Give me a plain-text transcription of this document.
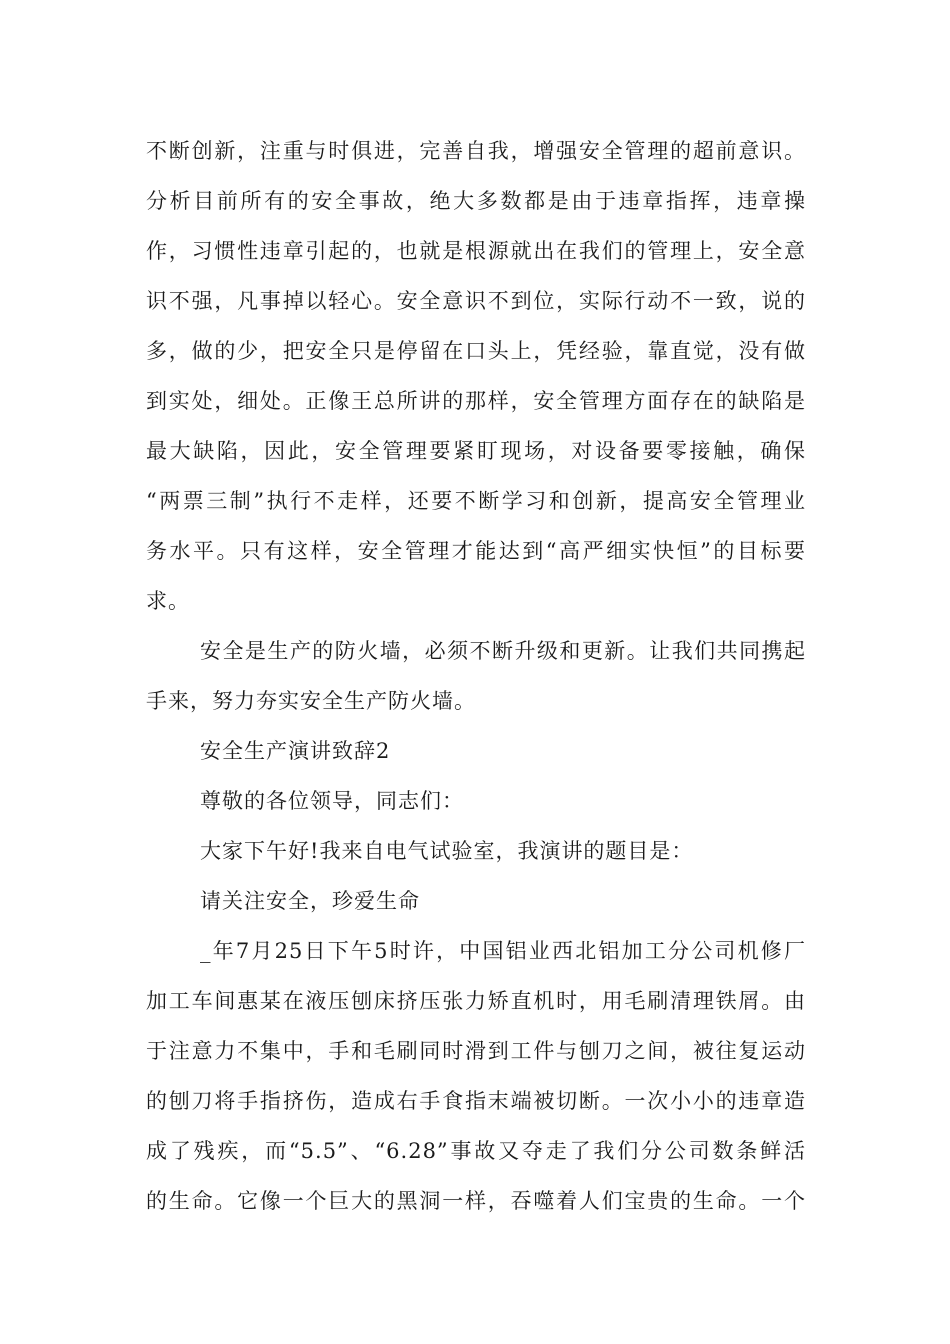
不断创新，注重与时俱进，完善自我，增强安全管理的超前意识。
分析目前所有的安全事故，绝大多数都是由于违章指挥，违章操
作，习惯性违章引起的，也就是根源就出在我们的管理上，安全意
识不强，凡事掉以轻心。安全意识不到位，实际行动不一致，说的
多，做的少，把安全只是停留在口头上，凭经验，靠直觉，没有做
到实处，细处。正像王总所讲的那样，安全管理方面存在的缺陷是
最大缺陷，因此，安全管理要紧盯现场，对设备要零接触，确保
“两票三制”执行不走样，还要不断学习和创新，提高安全管理业
务水平。只有这样，安全管理才能达到“高严细实快恒”的目标要
求。
安全是生产的防火墙，必须不断升级和更新。让我们共同携起
手来，努力夯实安全生产防火墙。
安全生产演讲致辞2
尊敬的各位领导，同志们：
大家下午好!我来自电气试验室，我演讲的题目是：
请关注安全，珍爱生命
_年7月25日下午5时许，中国铝业西北铝加工分公司机修厂
加工车间惠某在液压刨床挤压张力矫直机时，用毛刷清理铁屑。由
于注意力不集中，手和毛刷同时滑到工件与刨刀之间，被往复运动
的刨刀将手指挤伤，造成右手食指末端被切断。一次小小的违章造
成了残疾，而“5.5”、“6.28”事故又夺走了我们分公司数条鲜活
的生命。它像一个巨大的黑洞一样，吞噬着人们宝贵的生命。一个
